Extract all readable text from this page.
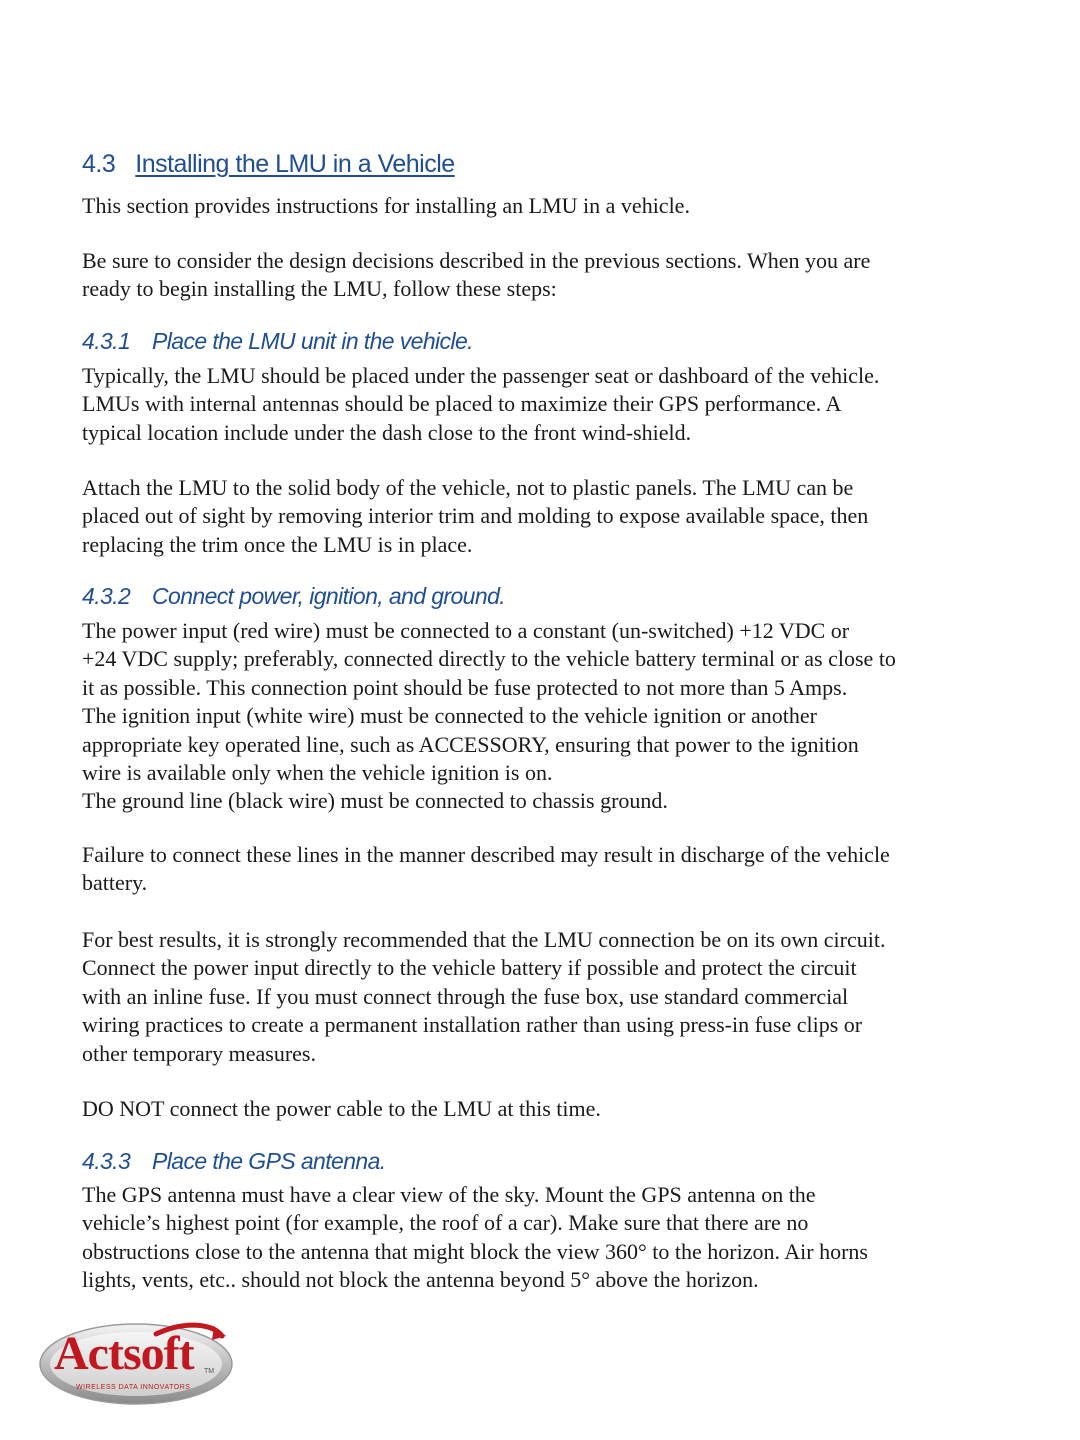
4.3 Installing the LMU in a Vehicle

This section provides instructions for installing an LMU in a vehicle.

Be sure to consider the design decisions described in the previous sections. When you are
ready to begin installing the LMU, follow these steps:

4.3.1 Place the LMU unit in the vehicle.

Typically, the LMU should be placed under the passenger seat or dashboard of the vehicle.
LMUs with internal antennas should be placed to maximize their GPS performance. A
typical location include under the dash close to the front wind-shield.

Attach the LMU to the solid body of the vehicle, not to plastic panels. The LMU can be
placed out of sight by removing interior trim and molding to expose available space, then
replacing the trim once the LMU is in place.

4.3.2 Connect power, ignition, and ground.

The power input (red wire) must be connected to a constant (un-switched) +12 VDC or
+24 VDC supply; preferably, connected directly to the vehicle battery terminal or as close to
it as possible. This connection point should be fuse protected to not more than 5 Amps.
The ignition input (white wire) must be connected to the vehicle ignition or another
appropriate key operated line, such as ACCESSORY, ensuring that power to the ignition
wire is available only when the vehicle ignition is on.
The ground line (black wire) must be connected to chassis ground.

Failure to connect these lines in the manner described may result in discharge of the vehicle
battery.

For best results, it is strongly recommended that the LMU connection be on its own circuit.
Connect the power input directly to the vehicle battery if possible and protect the circuit
with an inline fuse. If you must connect through the fuse box, use standard commercial
wiring practices to create a permanent installation rather than using press-in fuse clips or
other temporary measures.

DO NOT connect the power cable to the LMU at this time.

4.3.3 Place the GPS antenna.

The GPS antenna must have a clear view of the sky. Mount the GPS antenna on the
vehicle’s highest point (for example, the roof of a car). Make sure that there are no
obstructions close to the antenna that might block the view 360° to the horizon. Air horns
lights, vents, etc.. should not block the antenna beyond 5° above the horizon.

Actsoft TM
WIRELESS DATA INNOVATORS
